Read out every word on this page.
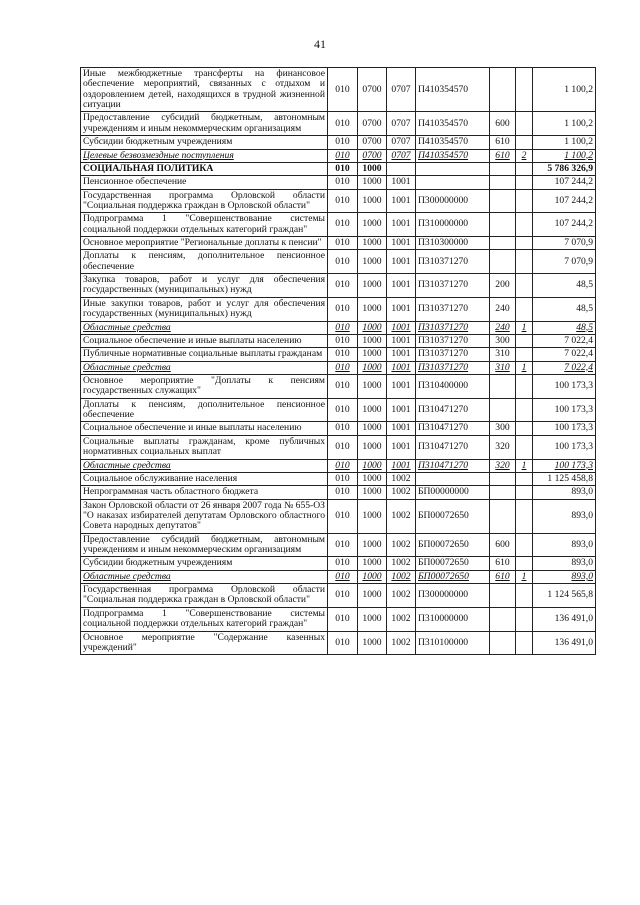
41
Иные межбюджетные трансферты на финансовое обеспечение мероприятий, связанных с отдыхом и оздоровлением детей, находящихся в трудной жизненной ситуации	010	0700	0707	П410354570			1 100,2
Предоставление субсидий бюджетным, автономным учреждениям и иным некоммерческим организациям	010	0700	0707	П410354570	600		1 100,2
Субсидии бюджетным учреждениям	010	0700	0707	П410354570	610		1 100,2
Целевые безвозмездные поступления	010	0700	0707	П410354570	610	2	1 100,2
СОЦИАЛЬНАЯ ПОЛИТИКА	010	1000					5 786 326,9
Пенсионное обеспечение	010	1000	1001				107 244,2
Государственная программа Орловской области "Социальная поддержка граждан в Орловской области"	010	1000	1001	П300000000			107 244,2
Подпрограмма 1 "Совершенствование системы социальной поддержки отдельных категорий граждан"	010	1000	1001	П310000000			107 244,2
Основное мероприятие "Региональные доплаты к пенсии"	010	1000	1001	П310300000			7 070,9
Доплаты к пенсиям, дополнительное пенсионное обеспечение	010	1000	1001	П310371270			7 070,9
Закупка товаров, работ и услуг для обеспечения государственных (муниципальных) нужд	010	1000	1001	П310371270	200		48,5
Иные закупки товаров, работ и услуг для обеспечения государственных (муниципальных) нужд	010	1000	1001	П310371270	240		48,5
Областные средства	010	1000	1001	П310371270	240	1	48,5
Социальное обеспечение и иные выплаты населению	010	1000	1001	П310371270	300		7 022,4
Публичные нормативные социальные выплаты гражданам	010	1000	1001	П310371270	310		7 022,4
Областные средства	010	1000	1001	П310371270	310	1	7 022,4
Основное мероприятие "Доплаты к пенсиям государственных служащих"	010	1000	1001	П310400000			100 173,3
Доплаты к пенсиям, дополнительное пенсионное обеспечение	010	1000	1001	П310471270			100 173,3
Социальное обеспечение и иные выплаты населению	010	1000	1001	П310471270	300		100 173,3
Социальные выплаты гражданам, кроме публичных нормативных социальных выплат	010	1000	1001	П310471270	320		100 173,3
Областные средства	010	1000	1001	П310471270	320	1	100 173,3
Социальное обслуживание населения	010	1000	1002				1 125 458,8
Непрограммная часть областного бюджета	010	1000	1002	БП00000000			893,0
Закон Орловской области от 26 января 2007 года № 655-ОЗ "О наказах избирателей депутатам Орловского областного Совета народных депутатов"	010	1000	1002	БП00072650			893,0
Предоставление субсидий бюджетным, автономным учреждениям и иным некоммерческим организациям	010	1000	1002	БП00072650	600		893,0
Субсидии бюджетным учреждениям	010	1000	1002	БП00072650	610		893,0
Областные средства	010	1000	1002	БП00072650	610	1	893,0
Государственная программа Орловской области "Социальная поддержка граждан в Орловской области"	010	1000	1002	П300000000			1 124 565,8
Подпрограмма 1 "Совершенствование системы социальной поддержки отдельных категорий граждан"	010	1000	1002	П310000000			136 491,0
Основное мероприятие "Содержание казенных учреждений"	010	1000	1002	П310100000			136 491,0
